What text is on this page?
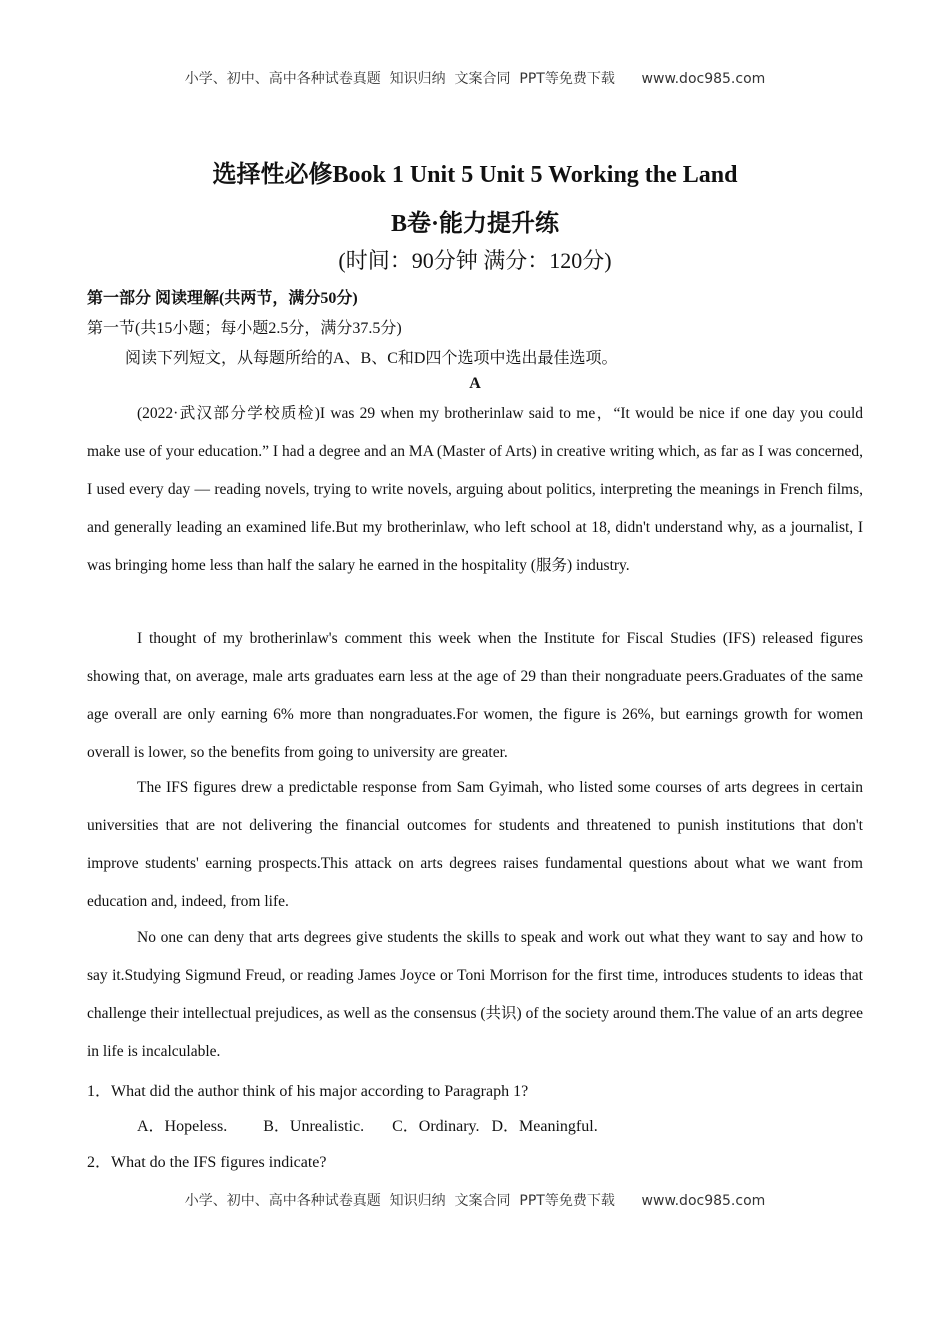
小学、初中、高中各种试卷真题  知识归纳  文案合同  PPT等免费下载      www.doc985.com
选择性必修Book 1 Unit 5 Unit 5 Working the Land
B卷·能力提升练
(时间：90分钟 满分：120分)
第一部分 阅读理解(共两节，满分50分)
第一节(共15小题；每小题2.5分，满分37.5分)
阅读下列短文，从每题所给的A、B、C和D四个选项中选出最佳选项。
A

(2022·武汉部分学校质检)I was 29 when my brotherinlaw said to me，“It would be nice if one day you could make use of your education.” I had a degree and an MA (Master of Arts) in creative writing which, as far as I was concerned, I used every day — reading novels, trying to write novels, arguing about politics, interpreting the meanings in French films, and generally leading an examined life.But my brotherinlaw, who left school at 18, didn't understand why, as a journalist, I was bringing home less than half the salary he earned in the hospitality (服务) industry.

I thought of my brotherinlaw's comment this week when the Institute for Fiscal Studies (IFS) released figures showing that, on average, male arts graduates earn less at the age of 29 than their nongraduate peers.Graduates of the same age overall are only earning 6% more than nongraduates.For women, the figure is 26%, but earnings growth for women overall is lower, so the benefits from going to university are greater.

The IFS figures drew a predictable response from Sam Gyimah, who listed some courses of arts degrees in certain universities that are not delivering the financial outcomes for students and threatened to punish institutions that don't improve students' earning prospects.This attack on arts degrees raises fundamental questions about what we want from education and, indeed, from life.

No one can deny that arts degrees give students the skills to speak and work out what they want to say and how to say it.Studying Sigmund Freud, or reading James Joyce or Toni Morrison for the first time, introduces students to ideas that challenge their intellectual prejudices, as well as the consensus (共识) of the society around them.The value of an arts degree in life is incalculable.

1．What did the author think of his major according to Paragraph 1?
A．Hopeless. B．Unrealistic. C．Ordinary. D．Meaningful.
2．What do the IFS figures indicate?
小学、初中、高中各种试卷真题  知识归纳  文案合同  PPT等免费下载      www.doc985.com
